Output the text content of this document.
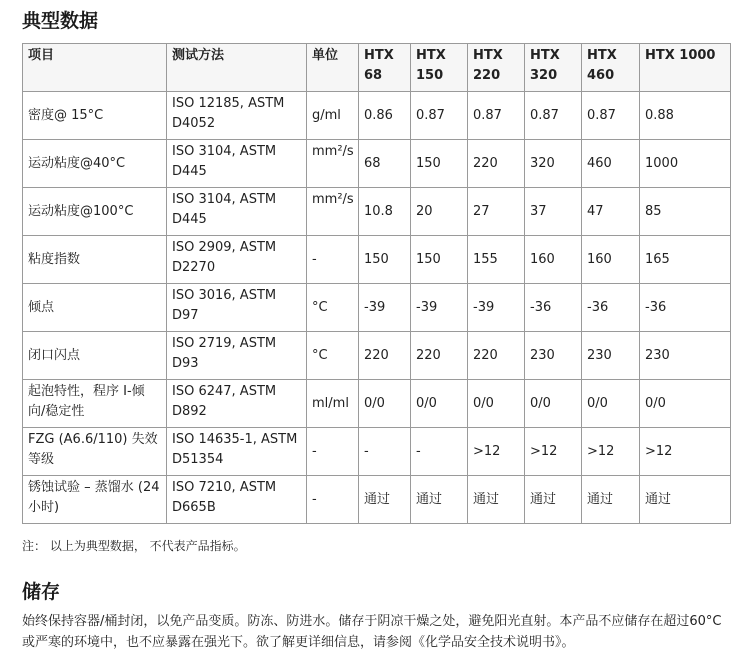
典型数据
项目	测试方法	单位	HTX 68	HTX 150	HTX 220	HTX 320	HTX 460	HTX 1000
密度@ 15°C	ISO 12185, ASTM D4052	g/ml	0.86	0.87	0.87	0.87	0.87	0.88
运动粘度@40°C	ISO 3104, ASTM D445	mm²/s	68	150	220	320	460	1000
运动粘度@100°C	ISO 3104, ASTM D445	mm²/s	10.8	20	27	37	47	85
粘度指数	ISO 2909, ASTM D2270	-	150	150	155	160	160	165
倾点	ISO 3016, ASTM D97	°C	-39	-39	-39	-36	-36	-36
闭口闪点	ISO 2719, ASTM D93	°C	220	220	220	230	230	230
起泡特性，程序 I-倾向/稳定性	ISO 6247, ASTM D892	ml/ml	0/0	0/0	0/0	0/0	0/0	0/0
FZG (A6.6/110) 失效等级	ISO 14635-1, ASTM D51354	-	-	-	>12	>12	>12	>12
锈蚀试验 – 蒸馏水 (24小时)	ISO 7210, ASTM D665B	-	通过	通过	通过	通过	通过	通过
注： 以上为典型数据， 不代表产品指标。
储存

始终保持容器/桶封闭，以免产品变质。防冻、防进水。储存于阴凉干燥之处，避免阳光直射。本产品不应储存在超过60°C或严寒的环境中，也不应暴露在强光下。欲了解更详细信息，请参阅《化学品安全技术说明书》。
